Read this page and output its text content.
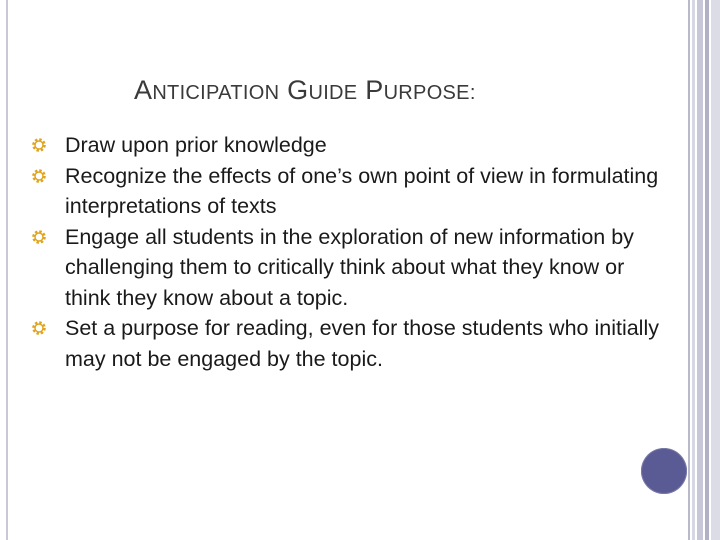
ANTICIPATION GUIDE PURPOSE:
Draw upon prior knowledge
Recognize the effects of one’s own point of view in formulating interpretations of texts
Engage all students in the exploration of new information by challenging them to critically think about what they know or think they know about a topic.
Set a purpose for reading, even for those students who initially may not be engaged by the topic.
